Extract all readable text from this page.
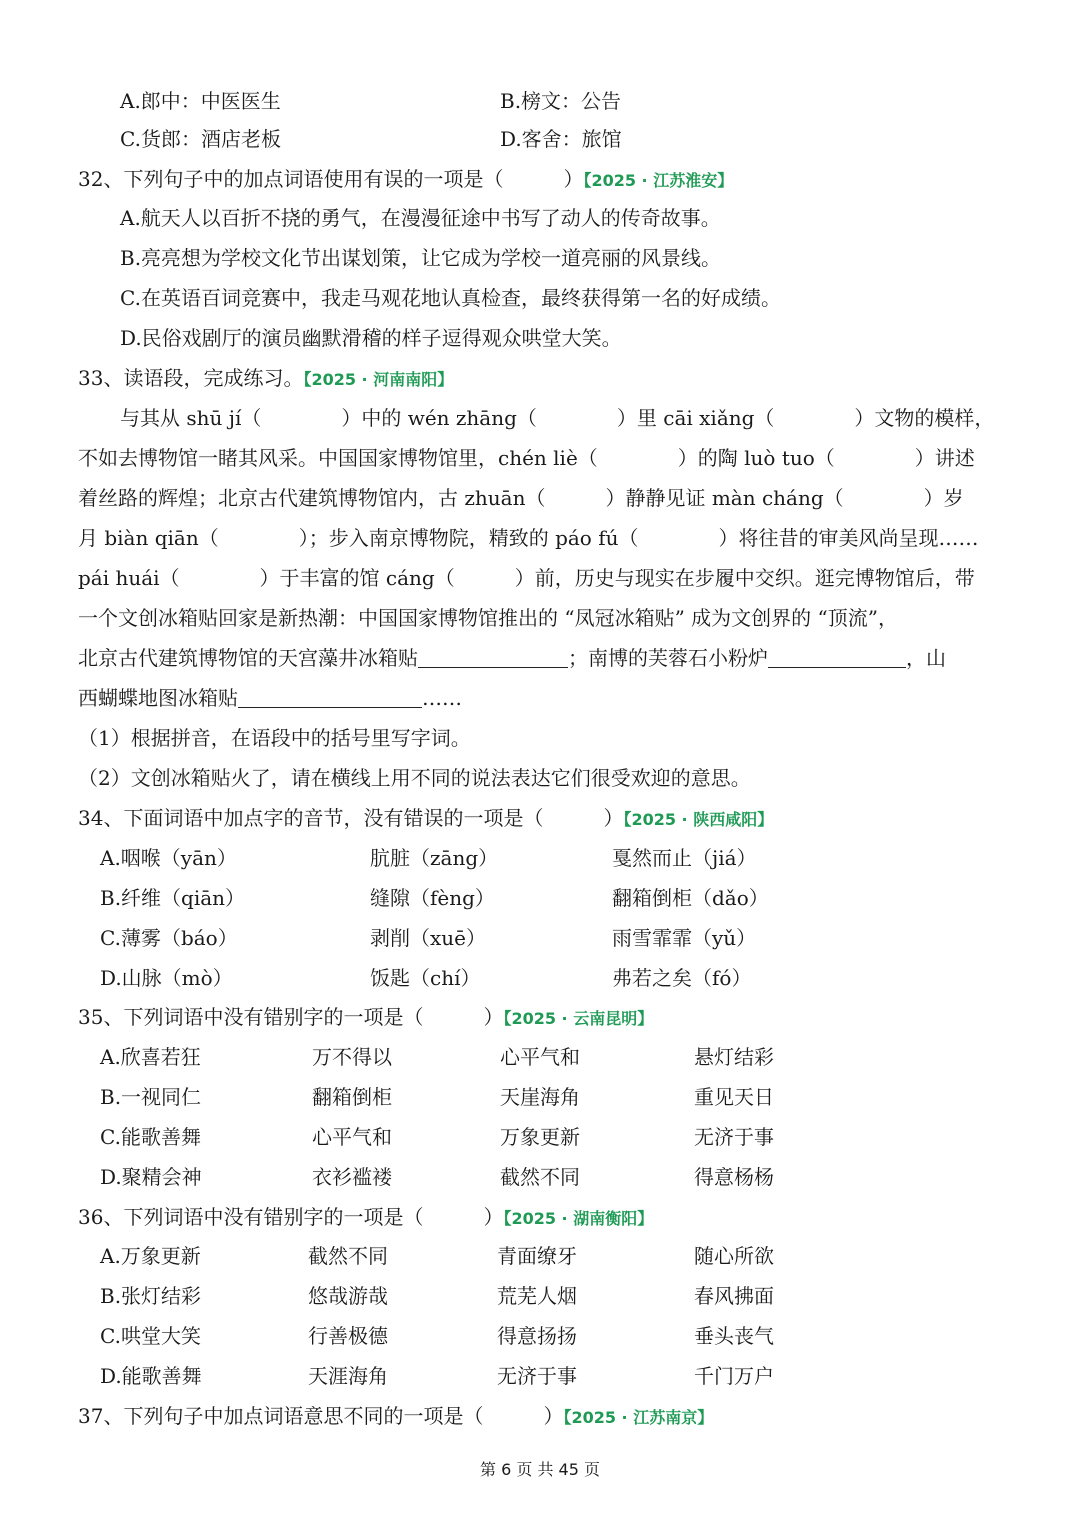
A.郎中：中医医生	B.榜文：公告
C.货郎：酒店老板	D.客舍：旅馆
32、下列句子中的加点词语使用有误的一项是（　　　）【2025 · 江苏淮安】
A.航天人以百折不挠的勇气，在漫漫征途中书写了动人的传奇故事。
B.亮亮想为学校文化节出谋划策，让它成为学校一道亮丽的风景线。
C.在英语百词竞赛中，我走马观花地认真检查，最终获得第一名的好成绩。
D.民俗戏剧厅的演员幽默滑稽的样子逗得观众哄堂大笑。
33、读语段，完成练习。【2025 · 河南南阳】
　与其从 shū jí（　　　　）中的 wén zhāng（　　　　）里 cāi xiǎng（　　　　）文物的模样，
不如去博物馆一睹其风采。中国国家博物馆里，chén liè（　　　　）的陶 luò tuo（　　　　）讲述
着丝路的辉煌；北京古代建筑博物馆内，古 zhuān（　　　）静静见证 màn cháng（　　　　）岁
月 biàn qiān（　　　　）；步入南京博物院，精致的 páo fú（　　　　）将往昔的审美风尚呈现……
pái huái（　　　　）于丰富的馆 cáng（　　　）前，历史与现实在步履中交织。逛完博物馆后，带
一个文创冰箱贴回家是新热潮：中国国家博物馆推出的 “凤冠冰箱贴” 成为文创界的 “顶流”，
北京古代建筑博物馆的天宫藻井冰箱贴	；南博的芙蓉石小粉炉	，山
西蝴蝶地图冰箱贴	……
（1）根据拼音，在语段中的括号里写字词。
（2）文创冰箱贴火了，请在横线上用不同的说法表达它们很受欢迎的意思。
34、下面词语中加点字的音节，没有错误的一项是（　　　）【2025 · 陕西咸阳】
A.咽喉（yān）	肮脏（zāng）	戛然而止（jiá）
B.纤维（qiān）	缝隙（fèng）	翻箱倒柜（dǎo）
C.薄雾（báo）	剥削（xuē）	雨雪霏霏（yǔ）
D.山脉（mò）	饭匙（chí）	弗若之矣（fó）
35、下列词语中没有错别字的一项是（　　　）【2025 · 云南昆明】
A.欣喜若狂	万不得以	心平气和	悬灯结彩
B.一视同仁	翻箱倒柜	天崖海角	重见天日
C.能歌善舞	心平气和	万象更新	无济于事
D.聚精会神	衣衫褴褛	截然不同	得意杨杨
36、下列词语中没有错别字的一项是（　　　）【2025 · 湖南衡阳】
A.万象更新	截然不同	青面缭牙	随心所欲
B.张灯结彩	悠哉游哉	荒芜人烟	春风拂面
C.哄堂大笑	行善极德	得意扬扬	垂头丧气
D.能歌善舞	天涯海角	无济于事	千门万户
37、下列句子中加点词语意思不同的一项是（　　　）【2025 · 江苏南京】
第 6 页 共 45 页
